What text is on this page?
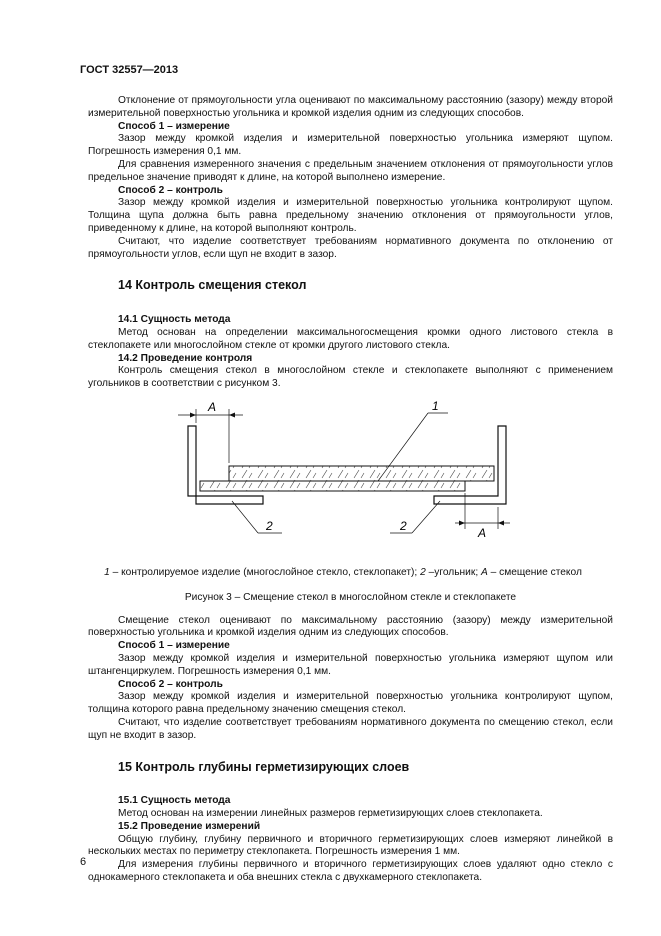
ГОСТ 32557—2013

Отклонение от прямоугольности угла оценивают по максимальному расстоянию (зазору) между второй измерительной поверхностью угольника и кромкой изделия одним из следующих способов.

Способ 1 – измерение

Зазор между кромкой изделия и измерительной поверхностью угольника измеряют щупом. Погрешность измерения 0,1 мм.

Для сравнения измеренного значения с предельным значением отклонения от прямоугольности углов предельное значение приводят к длине, на которой выполнено измерение.

Способ 2 – контроль

Зазор между кромкой изделия и измерительной поверхностью угольника контролируют щупом. Толщина щупа должна быть равна предельному значению отклонения от прямоугольности углов, приведенному к длине, на которой выполняют контроль.

Считают, что изделие соответствует требованиям нормативного документа по отклонению от прямоугольности углов, если щуп не входит в зазор.

14 Контроль смещения стекол

14.1 Сущность метода

Метод основан на определении максимальногосмещения кромки одного листового стекла в стеклопакете или многослойном стекле от кромки другого листового стекла.

14.2 Проведение контроля

Контроль смещения стекол в многослойном стекле и стеклопакете выполняют с применением угольников в соответствии с рисунком 3.

A
A
1
2	2

1 – контролируемое изделие (многослойное стекло, стеклопакет); 2 –угольник; A – смещение стекол

Рисунок 3 – Смещение стекол в многослойном стекле и стеклопакете

Смещение стекол оценивают по максимальному расстоянию (зазору) между измерительной поверхностью угольника и кромкой изделия одним из следующих способов.

Способ 1 – измерение

Зазор между кромкой изделия и измерительной поверхностью угольника измеряют щупом или штангенциркулем. Погрешность измерения 0,1 мм.

Способ 2 – контроль

Зазор между кромкой изделия и измерительной поверхностью угольника контролируют щупом, толщина которого равна предельному значению смещения стекол.

Считают, что изделие соответствует требованиям нормативного документа по смещению стекол, если щуп не входит в зазор.

15 Контроль глубины герметизирующих слоев

15.1 Сущность метода

Метод основан на измерении линейных размеров герметизирующих слоев стеклопакета.

15.2 Проведение измерений

Общую глубину, глубину первичного и вторичного герметизирующих слоев измеряют линейкой в нескольких местах по периметру стеклопакета. Погрешность измерения 1 мм.

Для измерения глубины первичного и вторичного герметизирующих слоев удаляют одно стекло с однокамерного стеклопакета и оба внешних стекла с двухкамерного стеклопакета.

6
